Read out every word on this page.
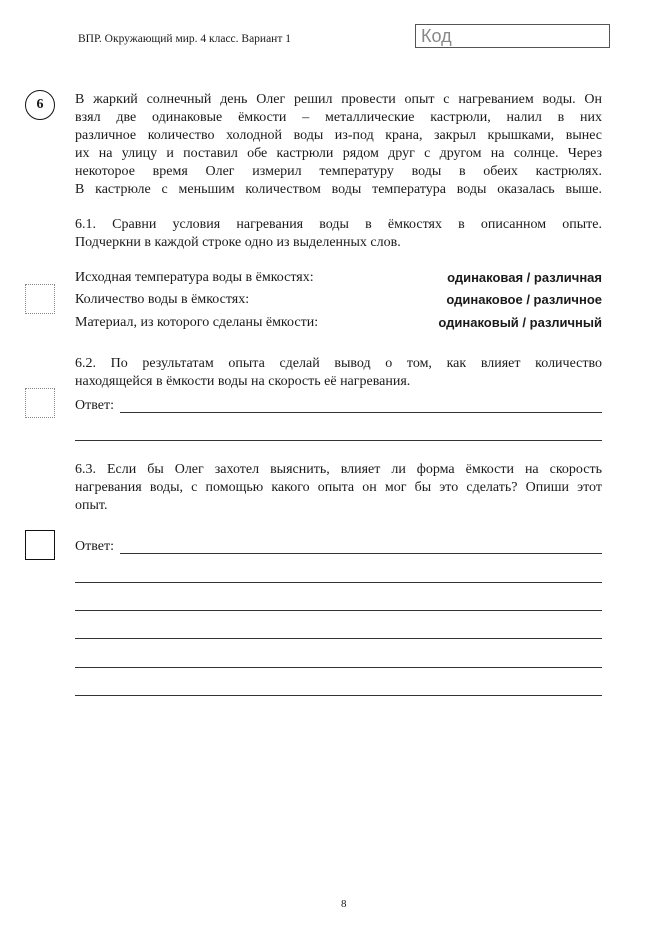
ВПР. Окружающий мир. 4 класс. Вариант 1	Код
6	В жаркий солнечный день Олег решил провести опыт с нагреванием воды. Он
взял две одинаковые ёмкости – металлические кастрюли, налил в них
различное количество холодной воды из-под крана, закрыл крышками, вынес
их на улицу и поставил обе кастрюли рядом друг с другом на солнце. Через
некоторое время Олег измерил температуру воды в обеих кастрюлях.
В кастрюле с меньшим количеством воды температура воды оказалась выше.
6.1. Сравни условия нагревания воды в ёмкостях в описанном опыте.
Подчеркни в каждой строке одно из выделенных слов.
Исходная температура воды в ёмкостях:	одинаковая / различная
Количество воды в ёмкостях:	одинаковое / различное
Материал, из которого сделаны ёмкости:	одинаковый / различный
6.2. По результатам опыта сделай вывод о том, как влияет количество
находящейся в ёмкости воды на скорость её нагревания.
Ответ:
6.3. Если бы Олег захотел выяснить, влияет ли форма ёмкости на скорость
нагревания воды, с помощью какого опыта он мог бы это сделать? Опиши этот
опыт.
Ответ:
8
